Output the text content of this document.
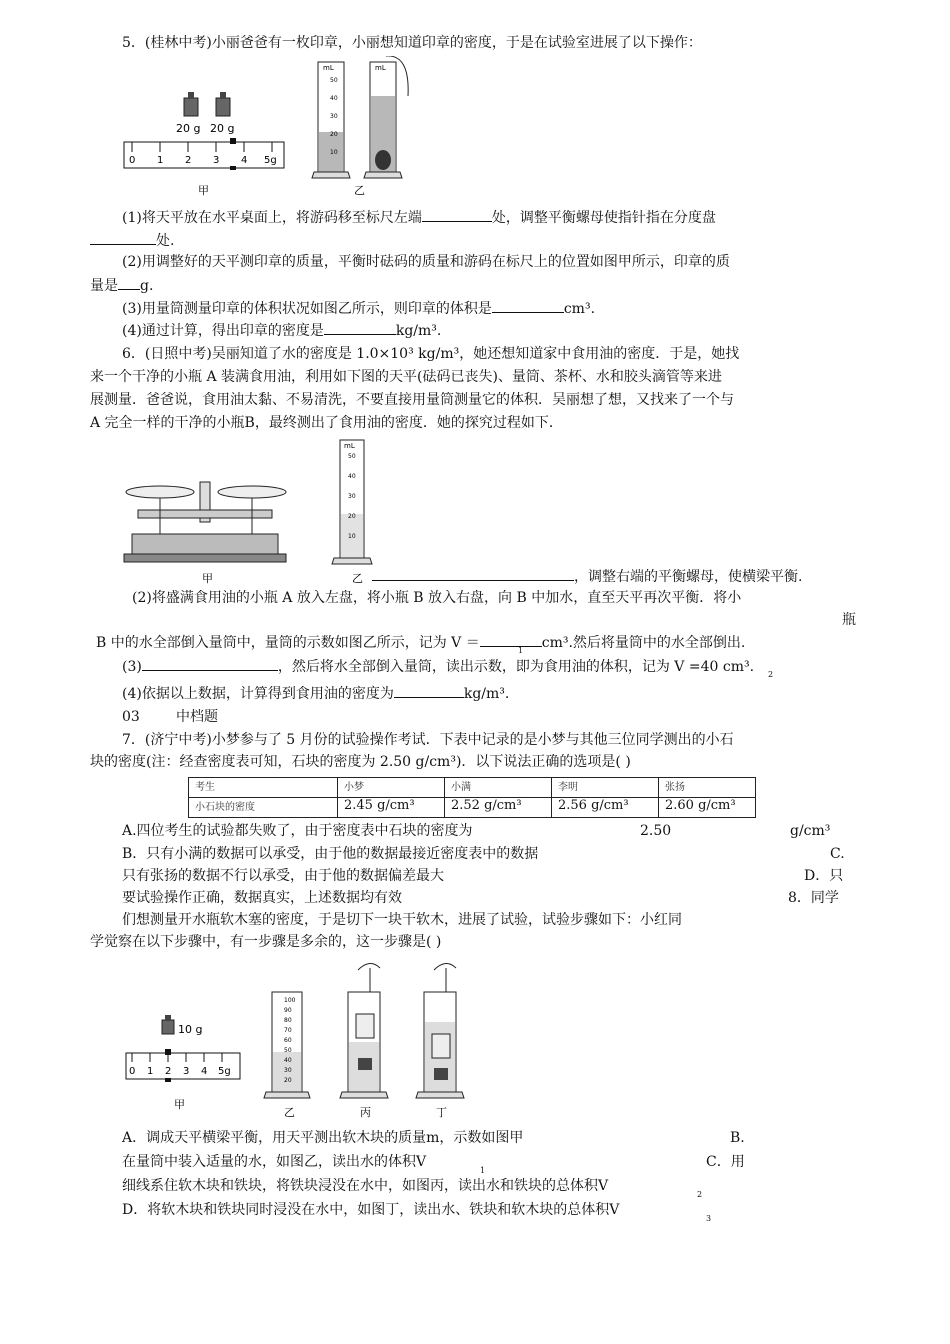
5．(桂林中考)小丽爸爸有一枚印章，小丽想知道印章的密度，于是在试验室进展了以下操作：
20 g 20 g
0 1 2 3 4 5g
甲
mL
50
40
30
20
10
mL
乙
(1)将天平放在水平桌面上，将游码移至标尺左端	处，调整平衡螺母使指针指在分度盘
处.
(2)用调整好的天平测印章的质量，平衡时砝码的质量和游码在标尺上的位置如图甲所示，印章的质
量是 g.
(3)用量筒测量印章的体积状况如图乙所示，则印章的体积是	cm³.
(4)通过计算，得出印章的密度是	kg/m³.
6．(日照中考)吴丽知道了水的密度是 1.0×10³ kg/m³，她还想知道家中食用油的密度．于是，她找
来一个干净的小瓶 A 装满食用油，利用如下图的天平(砝码已丧失)、量筒、茶杯、水和胶头滴管等来进
展测量．爸爸说，食用油太黏、不易清洗，不要直接用量筒测量它的体积．吴丽想了想，又找来了一个与
A 完全一样的干净的小瓶B，最终测出了食用油的密度．她的探究过程如下．
甲
mL
50
40
30
20
10
乙	，调整右端的平衡螺母，使横梁平衡.
(2)将盛满食用油的小瓶 A 放入左盘，将小瓶 B 放入右盘，向 B 中加水，直至天平再次平衡．将小
瓶
B 中的水全部倒入量筒中，量筒的示数如图乙所示，记为 V ＝	cm³.然后将量筒中的水全部倒出.
1
(3)	，然后将水全部倒入量筒，读出示数，即为食用油的体积，记为 V =40 cm³. 2
(4)依据以上数据，计算得到食用油的密度为	kg/m³.
03	中档题
7．(济宁中考)小梦参与了 5 月份的试验操作考试．下表中记录的是小梦与其他三位同学测出的小石
块的密度(注：经查密度表可知，石块的密度为 2.50 g/cm³)．以下说法正确的选项是( )
考生	小梦	小满	李明	张扬
小石块的密度	2.45 g/cm³	2.52 g/cm³	2.56 g/cm³	2.60 g/cm³
A.四位考生的试验都失败了，由于密度表中石块的密度为	2.50	g/cm³
B．只有小满的数据可以承受，由于他的数据最接近密度表中的数据	C.
只有张扬的数据不行以承受，由于他的数据偏差最大	D．只
要试验操作正确，数据真实，上述数据均有效	8．同学
们想测量开水瓶软木塞的密度，于是切下一块干软木，进展了试验，试验步骤如下：小红同
学觉察在以下步骤中，有一步骤是多余的，这一步骤是( )
10 g
0 1 2 3 4 5g
甲
100
90
80
70
60
50
40
30
20
乙	丙	丁
A．调成天平横梁平衡，用天平测出软木块的质量m，示数如图甲	B.
在量筒中装入适量的水，如图乙，读出水的体积V
1
C．用
细线系住软木块和铁块，将铁块浸没在水中，如图丙，读出水和铁块的总体积V
2
D．将软木块和铁块同时浸没在水中，如图丁，读出水、铁块和软木块的总体积V
3
